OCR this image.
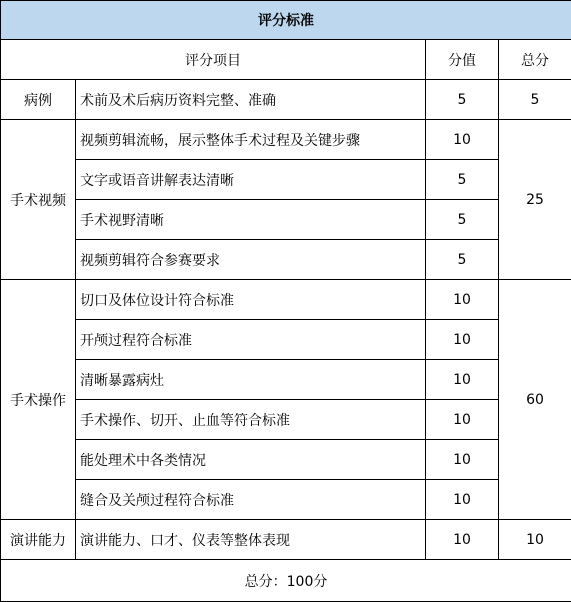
评分标准			
评分项目		分值	总分
病例	术前及术后病历资料完整、准确	5	5
手术视频	视频剪辑流畅，展示整体手术过程及关键步骤	10	25
	文字或语音讲解表达清晰	5	
	手术视野清晰	5	
	视频剪辑符合参赛要求	5	
手术操作	切口及体位设计符合标准	10	60
	开颅过程符合标准	10	
	清晰暴露病灶	10	
	手术操作、切开、止血等符合标准	10	
	能处理术中各类情况	10	
	缝合及关颅过程符合标准	10	
演讲能力	演讲能力、口才、仪表等整体表现	10	10
总分：100分			
